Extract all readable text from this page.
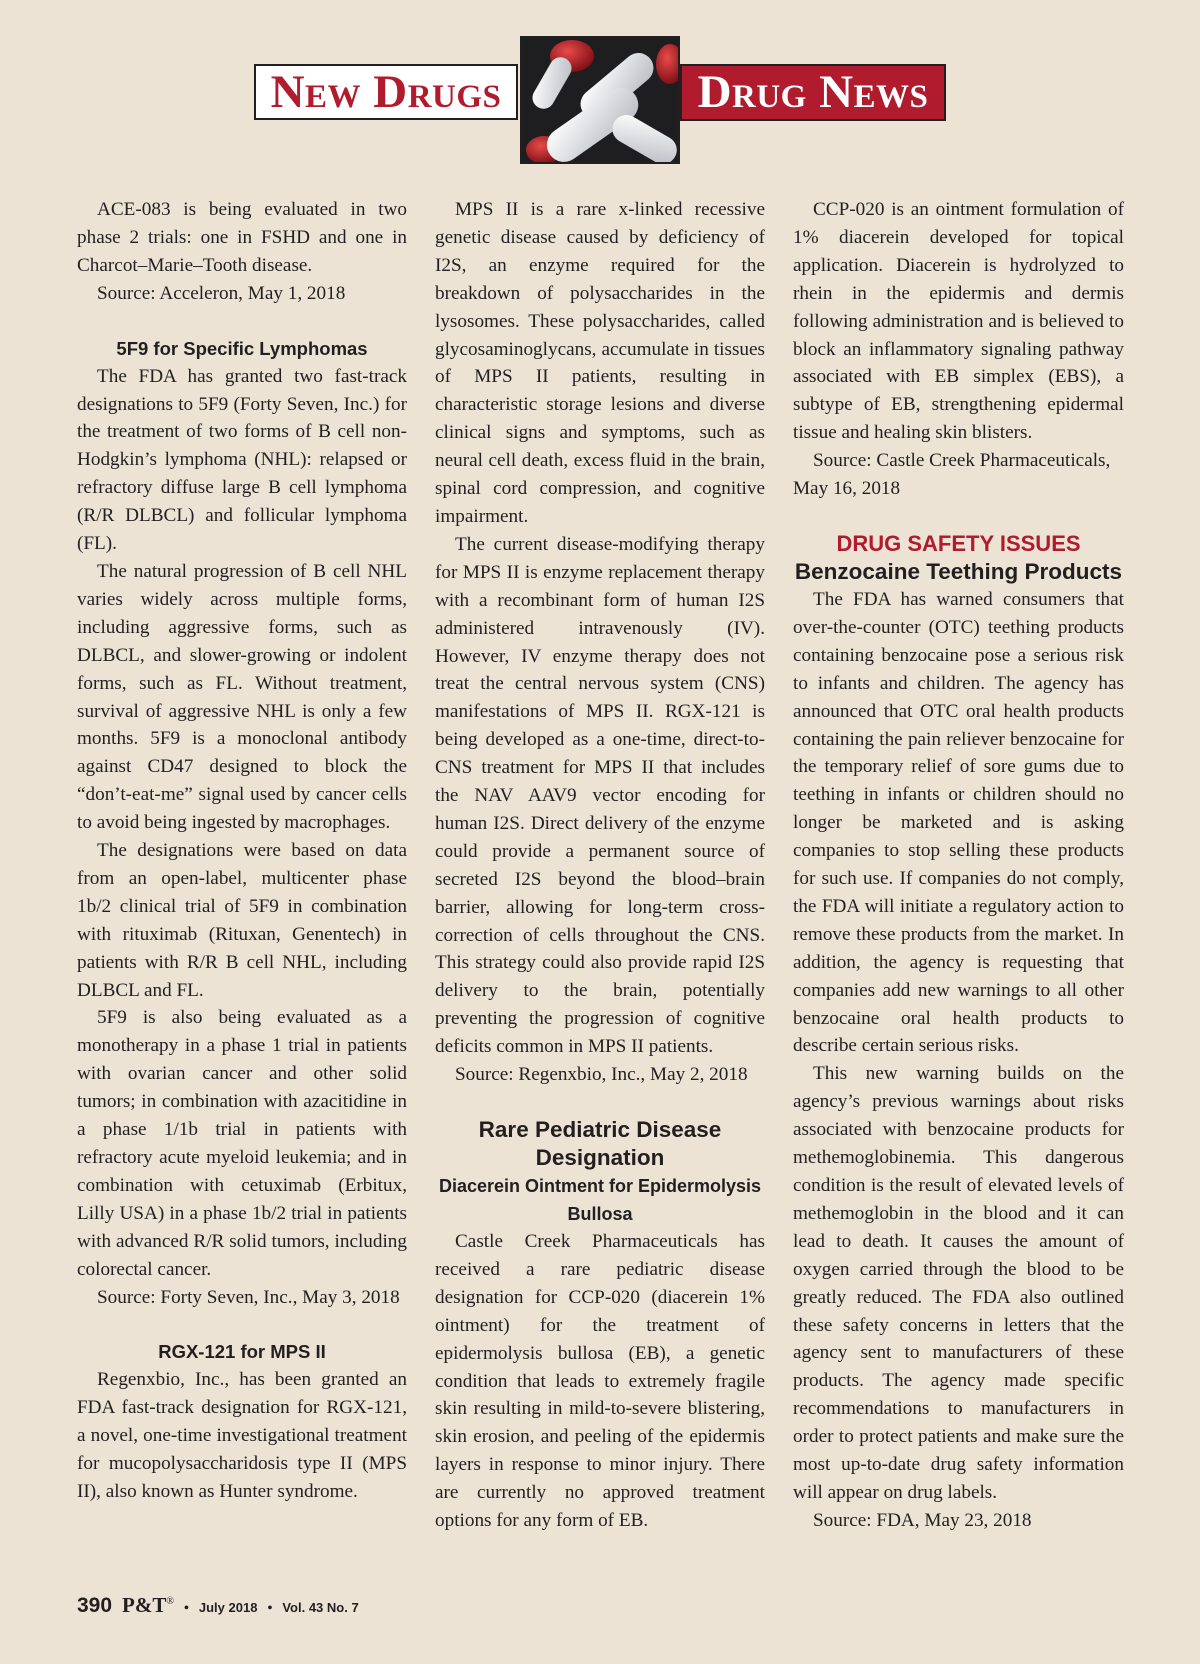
New Drugs	Drug News

ACE-083 is being evaluated in two phase 2 trials: one in FSHD and one in Charcot–Marie–Tooth disease.

Source: Acceleron, May 1, 2018

5F9 for Specific Lymphomas

The FDA has granted two fast-track designations to 5F9 (Forty Seven, Inc.) for the treatment of two forms of B cell non-Hodgkin’s lymphoma (NHL): relapsed or refractory diffuse large B cell lymphoma (R/R DLBCL) and follicular lymphoma (FL).

The natural progression of B cell NHL varies widely across multiple forms, including aggressive forms, such as DLBCL, and slower-growing or indolent forms, such as FL. Without treatment, survival of aggressive NHL is only a few months. 5F9 is a monoclonal antibody against CD47 designed to block the “don’t-eat-me” signal used by cancer cells to avoid being ingested by macrophages.

The designations were based on data from an open-label, multicenter phase 1b/2 clinical trial of 5F9 in combination with rituximab (Rituxan, Genentech) in patients with R/R B cell NHL, including DLBCL and FL.

5F9 is also being evaluated as a monotherapy in a phase 1 trial in patients with ovarian cancer and other solid tumors; in combination with azacitidine in a phase 1/1b trial in patients with refractory acute myeloid leukemia; and in combination with cetuximab (Erbitux, Lilly USA) in a phase 1b/2 trial in patients with advanced R/R solid tumors, including colorectal cancer.

Source: Forty Seven, Inc., May 3, 2018

RGX-121 for MPS II

Regenxbio, Inc., has been granted an FDA fast-track designation for RGX-121, a novel, one-time investigational treatment for mucopolysaccharidosis type II (MPS II), also known as Hunter syndrome.

MPS II is a rare x-linked recessive genetic disease caused by deficiency of I2S, an enzyme required for the breakdown of polysaccharides in the lysosomes. These polysaccharides, called glycosaminoglycans, accumulate in tissues of MPS II patients, resulting in characteristic storage lesions and diverse clinical signs and symptoms, such as neural cell death, excess fluid in the brain, spinal cord compression, and cognitive impairment.

The current disease-modifying therapy for MPS II is enzyme replacement therapy with a recombinant form of human I2S administered intravenously (IV). However, IV enzyme therapy does not treat the central nervous system (CNS) manifestations of MPS II. RGX-121 is being developed as a one-time, direct-to-CNS treatment for MPS II that includes the NAV AAV9 vector encoding for human I2S. Direct delivery of the enzyme could provide a permanent source of secreted I2S beyond the blood–brain barrier, allowing for long-term cross-correction of cells throughout the CNS. This strategy could also provide rapid I2S delivery to the brain, potentially preventing the progression of cognitive deficits common in MPS II patients.

Source: Regenxbio, Inc., May 2, 2018

Rare Pediatric Disease Designation
Diacerein Ointment for Epidermolysis Bullosa

Castle Creek Pharmaceuticals has received a rare pediatric disease designation for CCP-020 (diacerein 1% ointment) for the treatment of epidermolysis bullosa (EB), a genetic condition that leads to extremely fragile skin resulting in mild-to-severe blistering, skin erosion, and peeling of the epidermis layers in response to minor injury. There are currently no approved treatment options for any form of EB.

CCP-020 is an ointment formulation of 1% diacerein developed for topical application. Diacerein is hydrolyzed to rhein in the epidermis and dermis following administration and is believed to block an inflammatory signaling pathway associated with EB simplex (EBS), a subtype of EB, strengthening epidermal tissue and healing skin blisters.

Source: Castle Creek Pharmaceuticals, May 16, 2018

DRUG SAFETY ISSUES
Benzocaine Teething Products

The FDA has warned consumers that over-the-counter (OTC) teething products containing benzocaine pose a serious risk to infants and children. The agency has announced that OTC oral health products containing the pain reliever benzocaine for the temporary relief of sore gums due to teething in infants or children should no longer be marketed and is asking companies to stop selling these products for such use. If companies do not comply, the FDA will initiate a regulatory action to remove these products from the market. In addition, the agency is requesting that companies add new warnings to all other benzocaine oral health products to describe certain serious risks.

This new warning builds on the agency’s previous warnings about risks associated with benzocaine products for methemoglobinemia. This dangerous condition is the result of elevated levels of methemoglobin in the blood and it can lead to death. It causes the amount of oxygen carried through the blood to be greatly reduced. The FDA also outlined these safety concerns in letters that the agency sent to manufacturers of these products. The agency made specific recommendations to manufacturers in order to protect patients and make sure the most up-to-date drug safety information will appear on drug labels.

Source: FDA, May 23, 2018

390 P&T® • July 2018 • Vol. 43 No. 7
